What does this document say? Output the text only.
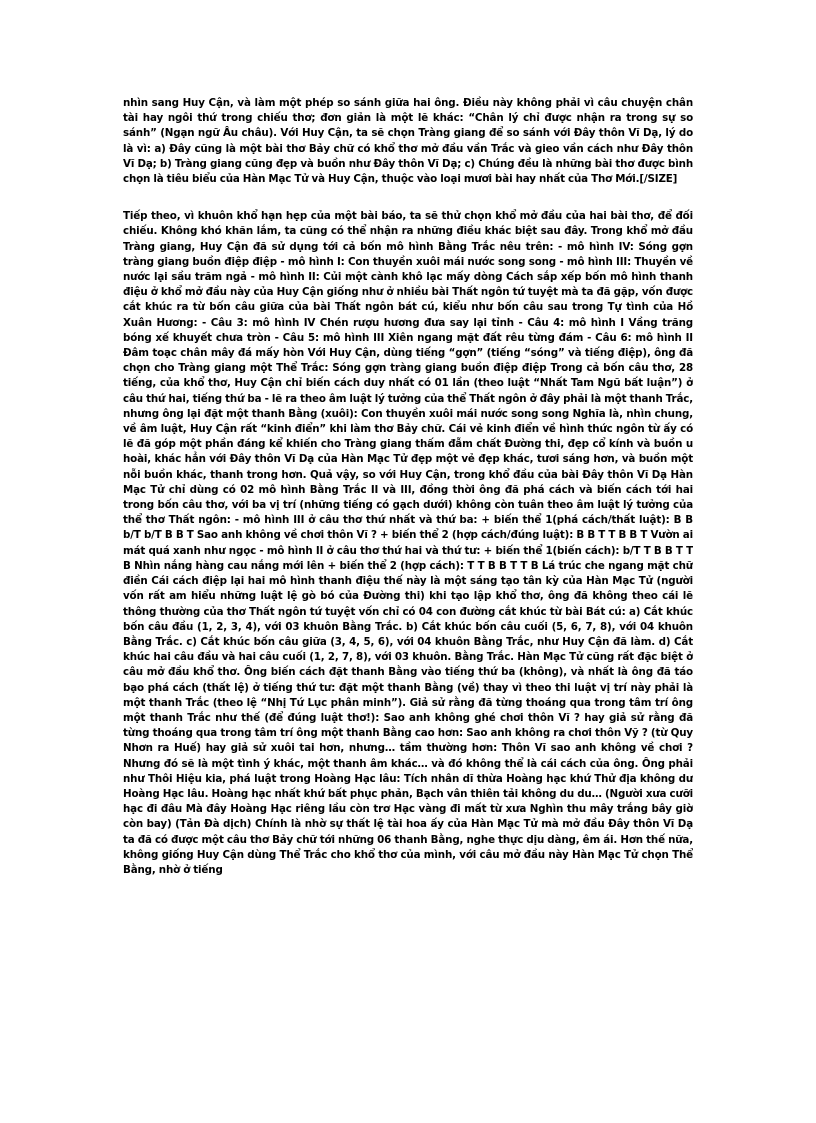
nhìn sang Huy Cận, và làm một phép so sánh giữa hai ông. Điều này không phải vì câu chuyện chân tài hay ngôi thứ trong chiếu thơ; đơn giản là một lẽ khác: “Chân lý chỉ được nhận ra trong sự so sánh” (Ngạn ngữ Âu châu). Với Huy Cận, ta sẽ chọn Tràng giang để so sánh với Đây thôn Vĩ Dạ, lý do là vì: a) Đây cũng là một bài thơ Bảy chữ có khổ thơ mở đầu vần Trắc và gieo vần cách như Đây thôn Vĩ Dạ; b) Tràng giang cũng đẹp và buồn như Đây thôn Vĩ Dạ; c) Chúng đều là những bài thơ được bình chọn là tiêu biểu của Hàn Mạc Tử và Huy Cận, thuộc vào loại mươi bài hay nhất của Thơ Mới.[/SIZE]

Tiếp theo, vì khuôn khổ hạn hẹp của một bài báo, ta sẽ thử chọn khổ mở đầu của hai bài thơ, để đối chiếu. Không khó khăn lắm, ta cũng có thể nhận ra những điều khác biệt sau đây. Trong khổ mở đầu Tràng giang, Huy Cận đã sử dụng tới cả bốn mô hình Bằng Trắc nêu trên: - mô hình IV: Sóng gợn tràng giang buồn điệp điệp - mô hình I: Con thuyền xuôi mái nước song song - mô hình III: Thuyền về nước lại sầu trăm ngả - mô hình II: Củi một cành khô lạc mấy dòng Cách sắp xếp bốn mô hình thanh điệu ở khổ mở đầu này của Huy Cận giống như ở nhiều bài Thất ngôn tứ tuyệt mà ta đã gặp, vốn được cắt khúc ra từ bốn câu giữa của bài Thất ngôn bát cú, kiểu như bốn câu sau trong Tự tình của Hồ Xuân Hương: - Câu 3: mô hình IV Chén rượu hương đưa say lại tỉnh - Câu 4: mô hình I Vầng trăng bóng xế khuyết chưa tròn - Câu 5: mô hình III Xiên ngang mặt đất rêu từng đám - Câu 6: mô hình II Đâm toạc chân mây đá mấy hòn Với Huy Cận, dùng tiếng “gợn” (tiếng “sóng” và tiếng điệp), ông đã chọn cho Tràng giang một Thể Trắc: Sóng gợn tràng giang buồn điệp điệp Trong cả bốn câu thơ, 28 tiếng, của khổ thơ, Huy Cận chỉ biến cách duy nhất có 01 lần (theo luật “Nhất Tam Ngũ bất luận”) ở câu thứ hai, tiếng thứ ba - lẽ ra theo âm luật lý tưởng của thể Thất ngôn ở đây phải là một thanh Trắc, nhưng ông lại đặt một thanh Bằng (xuôi): Con thuyền xuôi mái nước song song Nghĩa là, nhìn chung, về âm luật, Huy Cận rất “kinh điển” khi làm thơ Bảy chữ. Cái vẻ kinh điển về hình thức ngôn từ ấy có lẽ đã góp một phần đáng kể khiến cho Tràng giang thấm đẫm chất Đường thi, đẹp cổ kính và buồn u hoài, khác hẳn với Đây thôn Vĩ Dạ của Hàn Mạc Tử đẹp một vẻ đẹp khác, tươi sáng hơn, và buồn một nỗi buồn khác, thanh trong hơn. Quả vậy, so với Huy Cận, trong khổ đầu của bài Đây thôn Vĩ Dạ Hàn Mạc Tử chỉ dùng có 02 mô hình Bằng Trắc II và III, đồng thời ông đã phá cách và biến cách tới hai trong bốn câu thơ, với ba vị trí (những tiếng có gạch dưới) không còn tuân theo âm luật lý tưởng của thể thơ Thất ngôn: - mô hình III ở câu thơ thứ nhất và thứ ba: + biến thể 1(phá cách/thất luật): B B b/T b/T B B T Sao anh không về chơi thôn Vĩ ? + biến thể 2 (hợp cách/đúng luật): B B T T B B T Vườn ai mát quá xanh như ngọc - mô hình II ở câu thơ thứ hai và thứ tư: + biến thể 1(biến cách): b/T T B B T T B Nhìn nắng hàng cau nắng mới lên + biến thể 2 (hợp cách): T T B B T T B Lá trúc che ngang mặt chữ điền Cái cách điệp lại hai mô hình thanh điệu thế này là một sáng tạo tân kỳ của Hàn Mạc Tử (người vốn rất am hiểu những luật lệ gò bó của Đường thi) khi tạo lập khổ thơ, ông đã không theo cái lẽ thông thường của thơ Thất ngôn tứ tuyệt vốn chỉ có 04 con đường cắt khúc từ bài Bát cú: a) Cắt khúc bốn câu đầu (1, 2, 3, 4), với 03 khuôn Bằng Trắc. b) Cắt khúc bốn câu cuối (5, 6, 7, 8), với 04 khuôn Bằng Trắc. c) Cắt khúc bốn câu giữa (3, 4, 5, 6), với 04 khuôn Bằng Trắc, như Huy Cận đã làm. d) Cắt khúc hai câu đầu và hai câu cuối (1, 2, 7, 8), với 03 khuôn. Bằng Trắc. Hàn Mạc Tử cũng rất đặc biệt ở câu mở đầu khổ thơ. Ông biến cách đặt thanh Bằng vào tiếng thứ ba (không), và nhất là ông đã táo bạo phá cách (thất lệ) ở tiếng thứ tư: đặt một thanh Bằng (về) thay vì theo thi luật vị trí này phải là một thanh Trắc (theo lệ “Nhị Tứ Lục phân minh”). Giả sử rằng đã từng thoáng qua trong tâm trí ông một thanh Trắc như thế (để đúng luật thơ!): Sao anh không ghé chơi thôn Vĩ ? hay giả sử rằng đã từng thoáng qua trong tâm trí ông một thanh Bằng cao hơn: Sao anh không ra chơi thôn Vỹ ? (từ Quy Nhơn ra Huế) hay giả sử xuôi tai hơn, nhưng… tầm thường hơn: Thôn Vĩ sao anh không về chơi ? Nhưng đó sẽ là một tình ý khác, một thanh âm khác… và đó không thể là cái cách của ông. Ông phải như Thôi Hiệu kia, phá luật trong Hoàng Hạc lâu: Tích nhân dĩ thừa Hoàng hạc khứ Thử địa không dư Hoàng Hạc lâu. Hoàng hạc nhất khứ bất phục phản, Bạch vân thiên tải không du du… (Người xưa cưỡi hạc đi đâu Mà đây Hoàng Hạc riêng lầu còn trơ Hạc vàng đi mất từ xưa Nghìn thu mây trắng bây giờ còn bay) (Tản Đà dịch) Chính là nhờ sự thất lệ tài hoa ấy của Hàn Mạc Tử mà mở đầu Đây thôn Vĩ Dạ ta đã có được một câu thơ Bảy chữ tới những 06 thanh Bằng, nghe thực dịu dàng, êm ái. Hơn thế nữa, không giống Huy Cận dùng Thể Trắc cho khổ thơ của mình, với câu mở đầu này Hàn Mạc Tử chọn Thể Bằng, nhờ ở tiếng
